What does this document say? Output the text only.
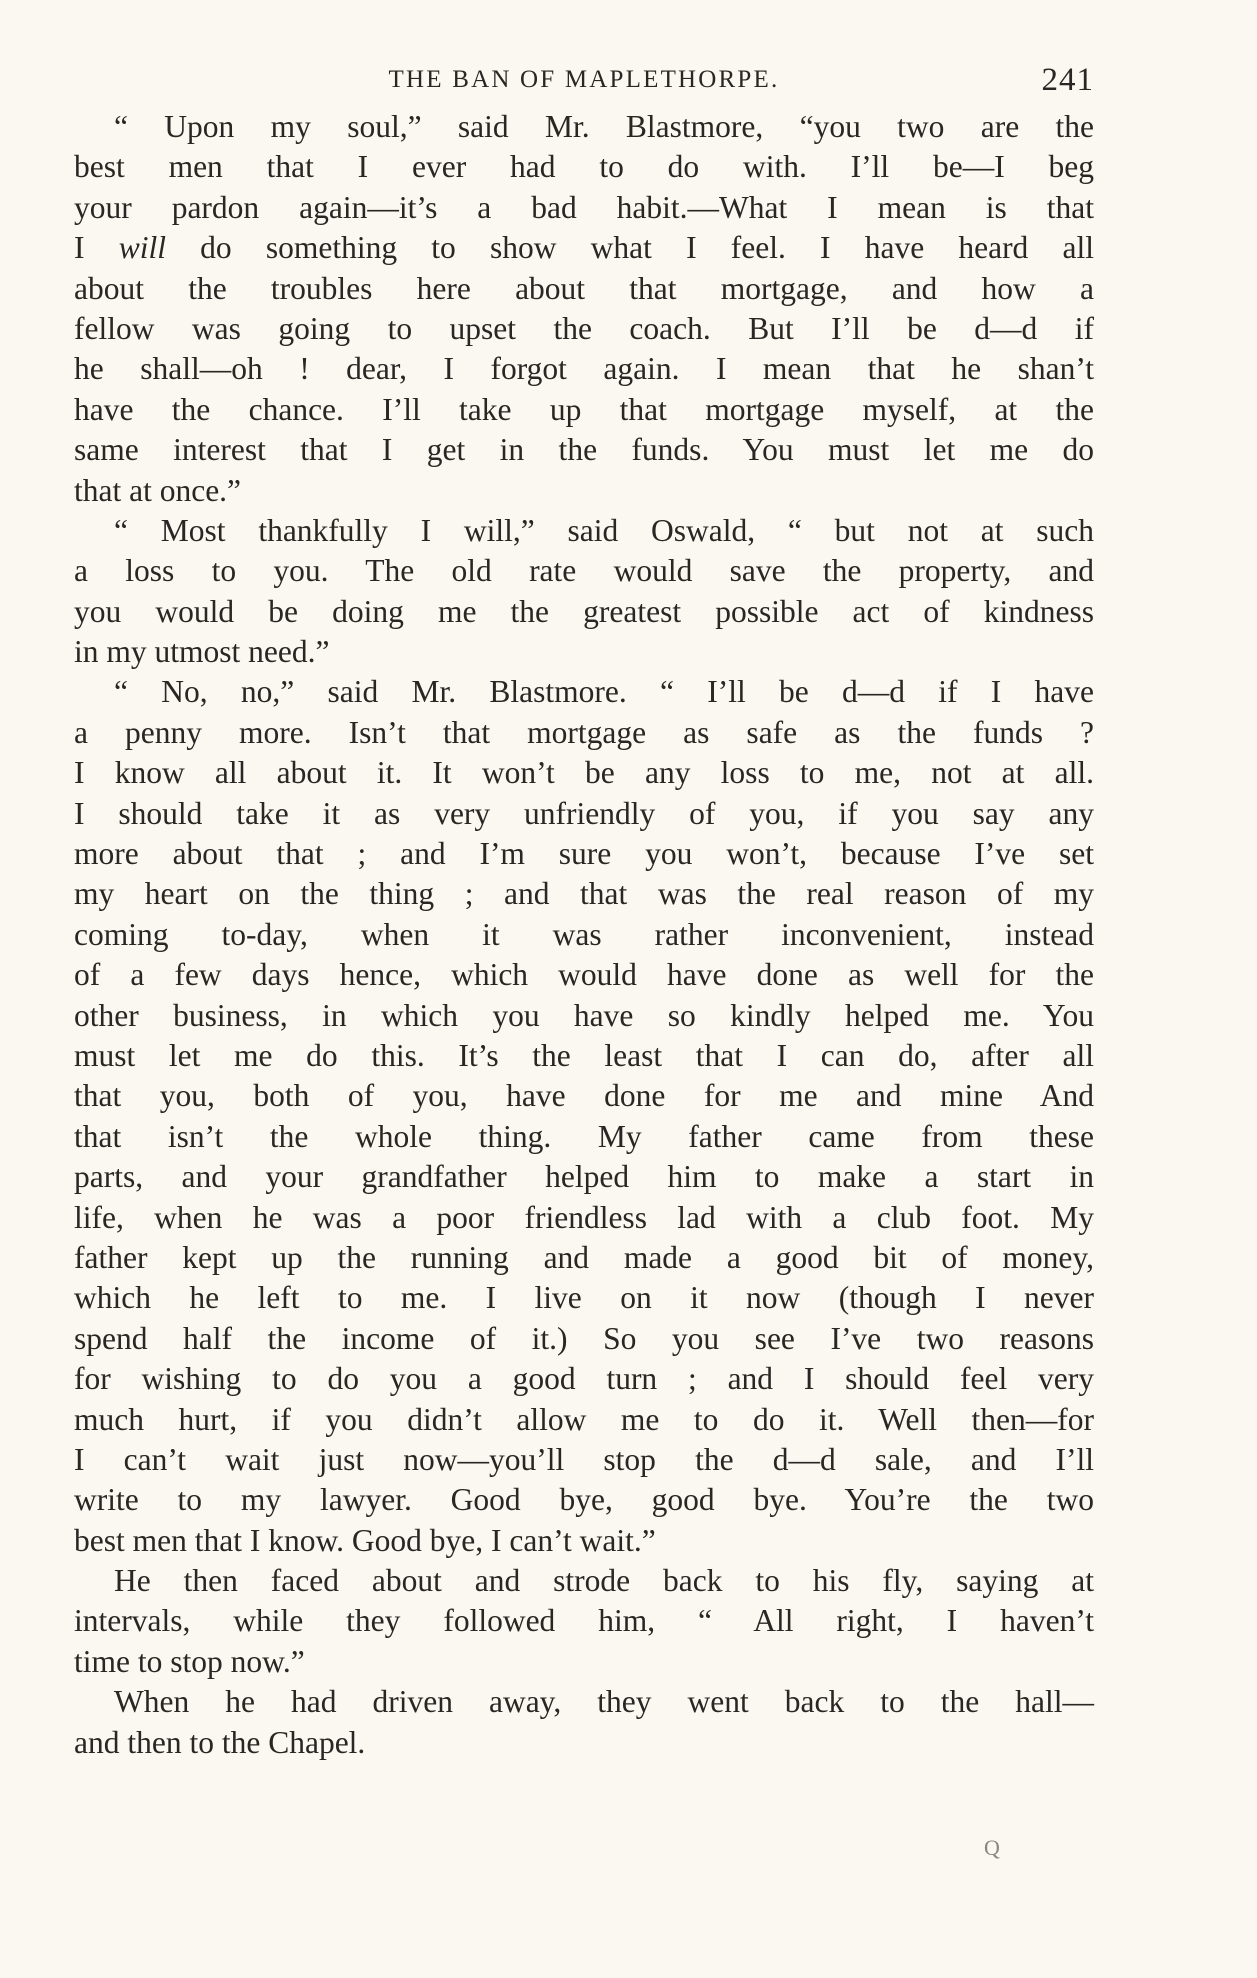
THE BAN OF MAPLETHORPE.	241
“ Upon my soul,” said Mr. Blastmore, “you two are the
best men that I ever had to do with. I’ll be—I beg
your pardon again—it’s a bad habit.—What I mean is that
I will do something to show what I feel. I have heard all
about the troubles here about that mortgage, and how a
fellow was going to upset the coach. But I’ll be d—d if
he shall—oh ! dear, I forgot again. I mean that he shan’t
have the chance. I’ll take up that mortgage myself, at the
same interest that I get in the funds. You must let me do
that at once.”
“ Most thankfully I will,” said Oswald, “ but not at such
a loss to you. The old rate would save the property, and
you would be doing me the greatest possible act of kindness
in my utmost need.”
“ No, no,” said Mr. Blastmore. “ I’ll be d—d if I have
a penny more. Isn’t that mortgage as safe as the funds ?
I know all about it. It won’t be any loss to me, not at all.
I should take it as very unfriendly of you, if you say any
more about that ; and I’m sure you won’t, because I’ve set
my heart on the thing ; and that was the real reason of my
coming to-day, when it was rather inconvenient, instead
of a few days hence, which would have done as well for the
other business, in which you have so kindly helped me. You
must let me do this. It’s the least that I can do, after all
that you, both of you, have done for me and mine And
that isn’t the whole thing. My father came from these
parts, and your grandfather helped him to make a start in
life, when he was a poor friendless lad with a club foot. My
father kept up the running and made a good bit of money,
which he left to me. I live on it now (though I never
spend half the income of it.) So you see I’ve two reasons
for wishing to do you a good turn ; and I should feel very
much hurt, if you didn’t allow me to do it. Well then—for
I can’t wait just now—you’ll stop the d—d sale, and I’ll
write to my lawyer. Good bye, good bye. You’re the two
best men that I know. Good bye, I can’t wait.”
He then faced about and strode back to his fly, saying at
intervals, while they followed him, “ All right, I haven’t
time to stop now.”
When he had driven away, they went back to the hall—
and then to the Chapel.
Q
